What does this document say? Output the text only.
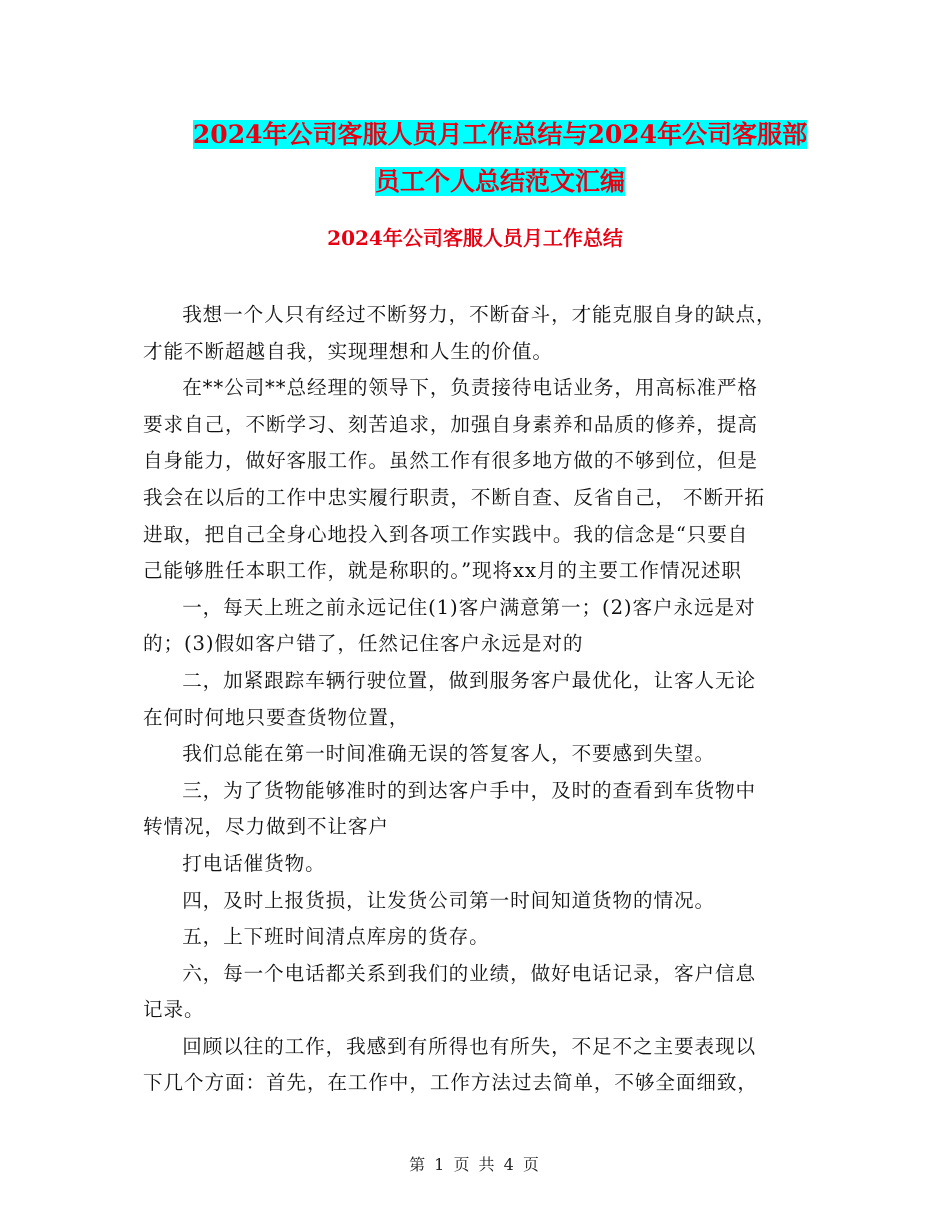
2024年公司客服人员月工作总结与2024年公司客服部
员工个人总结范文汇编
2024年公司客服人员月工作总结

我想一个人只有经过不断努力，不断奋斗，才能克服自身的缺点，
才能不断超越自我，实现理想和人生的价值。

在**公司**总经理的领导下，负责接待电话业务，用高标准严格
要求自己，不断学习、刻苦追求，加强自身素养和品质的修养，提高
自身能力，做好客服工作。虽然工作有很多地方做的不够到位，但是
我会在以后的工作中忠实履行职责，不断自查、反省自己， 不断开拓
进取，把自己全身心地投入到各项工作实践中。我的信念是“只要自
己能够胜任本职工作，就是称职的。”现将xx月的主要工作情况述职

一，每天上班之前永远记住(1)客户满意第一；(2)客户永远是对
的；(3)假如客户错了，任然记住客户永远是对的

二，加紧跟踪车辆行驶位置，做到服务客户最优化，让客人无论
在何时何地只要查货物位置，

我们总能在第一时间准确无误的答复客人，不要感到失望。

三，为了货物能够准时的到达客户手中，及时的查看到车货物中
转情况，尽力做到不让客户

打电话催货物。

四，及时上报货损，让发货公司第一时间知道货物的情况。

五，上下班时间清点库房的货存。

六，每一个电话都关系到我们的业绩，做好电话记录，客户信息
记录。

回顾以往的工作，我感到有所得也有所失，不足不之主要表现以
下几个方面：首先，在工作中，工作方法过去简单，不够全面细致，

第 1 页 共 4 页
